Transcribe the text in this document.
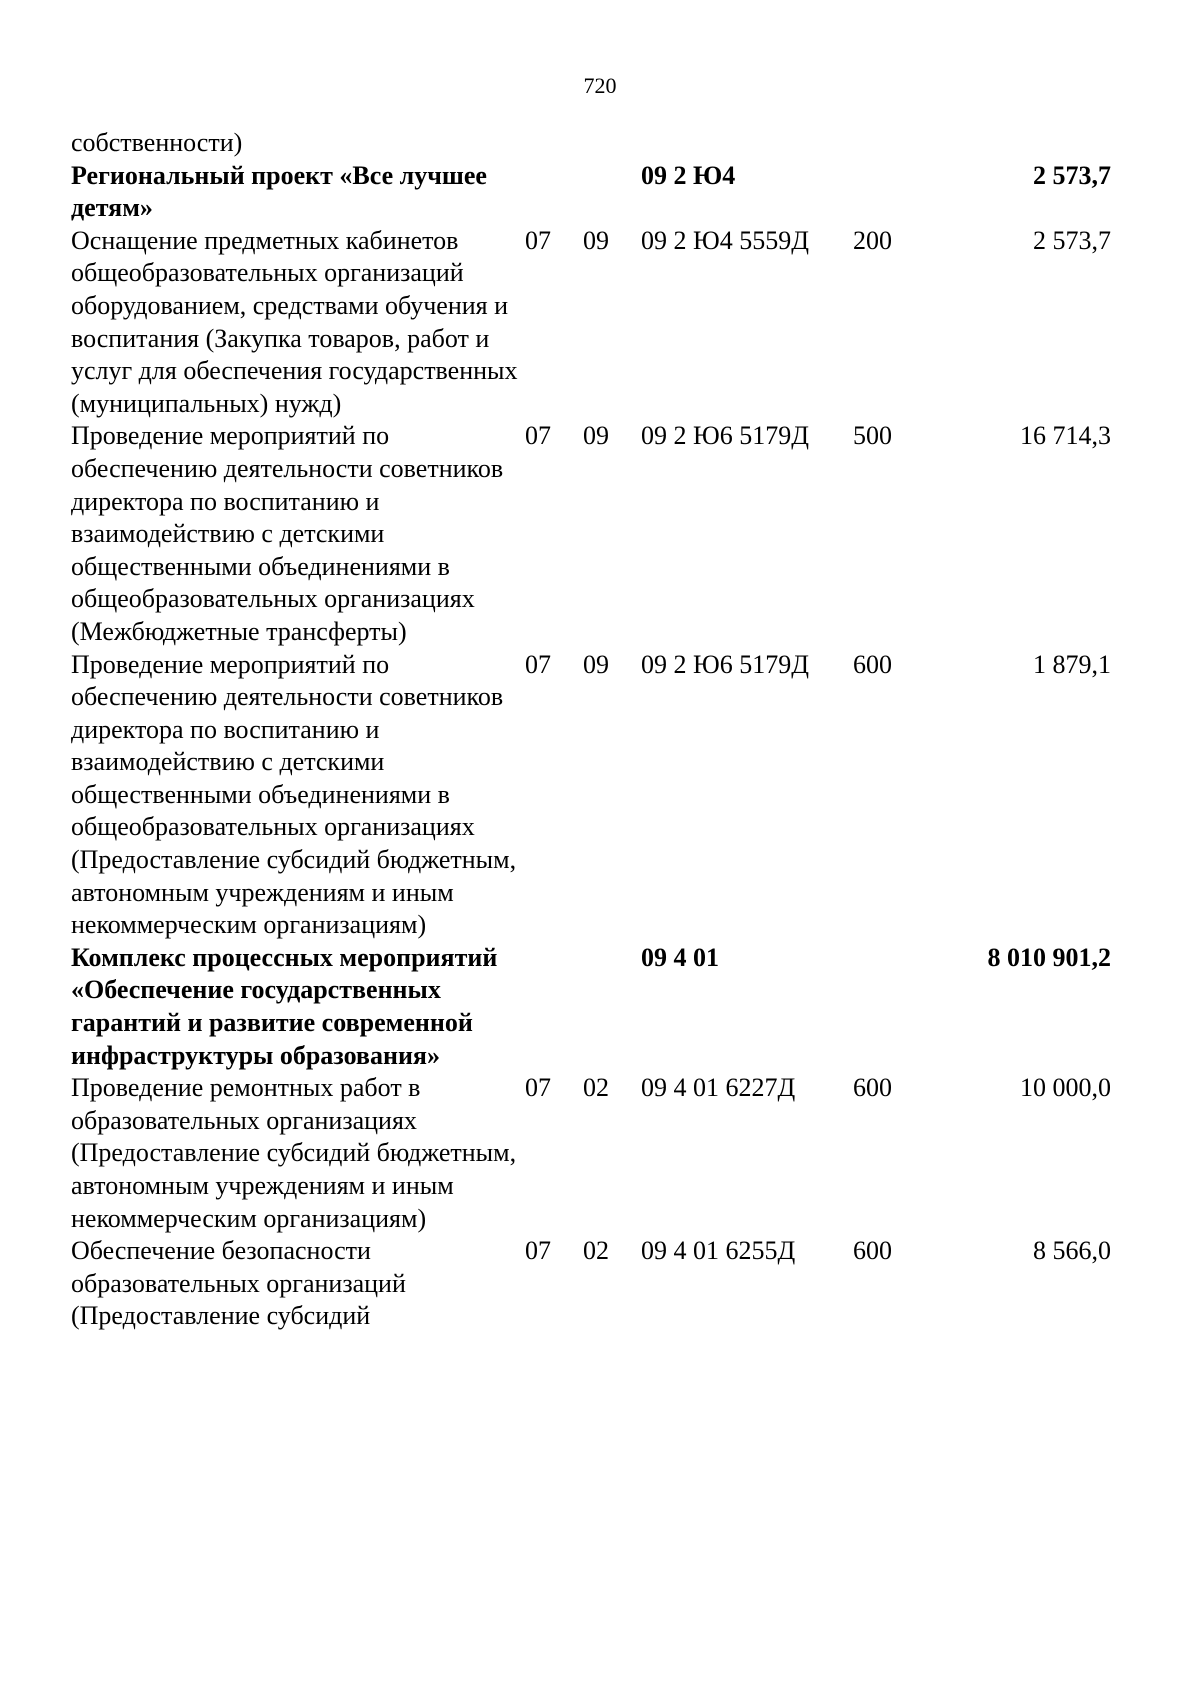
720
собственности)					
Региональный проект «Все лучшее детям»			09 2 Ю4		2 573,7
Оснащение предметных кабинетов общеобразовательных организаций оборудованием, средствами обучения и воспитания (Закупка товаров, работ и услуг для обеспечения государственных (муниципальных) нужд)	07	09	09 2 Ю4 5559Д	200	2 573,7
Проведение мероприятий по обеспечению деятельности советников директора по воспитанию и взаимодействию с детскими общественными объединениями в общеобразовательных организациях (Межбюджетные трансферты)	07	09	09 2 Ю6 5179Д	500	16 714,3
Проведение мероприятий по обеспечению деятельности советников директора по воспитанию и взаимодействию с детскими общественными объединениями в общеобразовательных организациях (Предоставление субсидий бюджетным, автономным учреждениям и иным некоммерческим организациям)	07	09	09 2 Ю6 5179Д	600	1 879,1
Комплекс процессных мероприятий «Обеспечение государственных гарантий и развитие современной инфраструктуры образования»			09 4 01		8 010 901,2
Проведение ремонтных работ в образовательных организациях (Предоставление субсидий бюджетным, автономным учреждениям и иным некоммерческим организациям)	07	02	09 4 01 6227Д	600	10 000,0
Обеспечение безопасности образовательных организаций (Предоставление субсидий	07	02	09 4 01 6255Д	600	8 566,0
